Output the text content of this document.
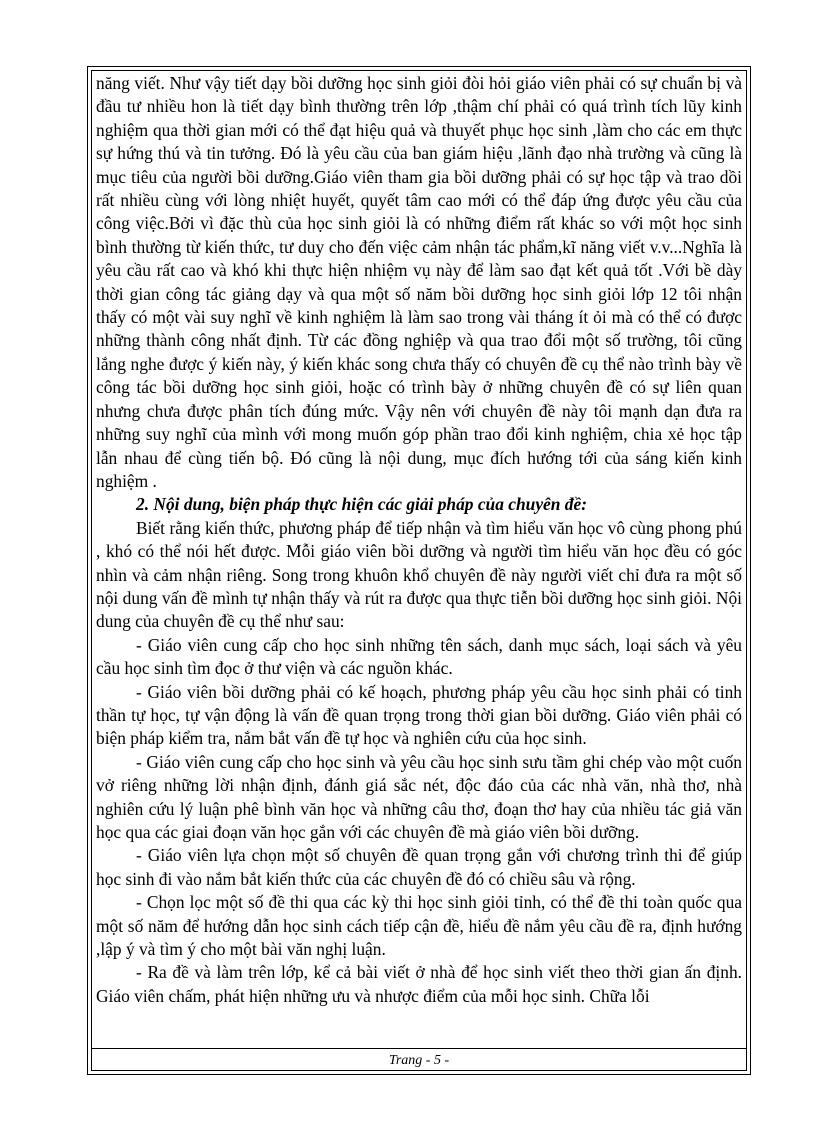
năng viết. Như vậy tiết dạy bồi dưỡng học sinh giỏi đòi hỏi giáo viên phải có sự chuẩn bị và đầu tư nhiều hon là tiết dạy bình thường trên lớp ,thậm chí phải có quá trình tích lũy kinh nghiệm qua thời gian mới có thể đạt hiệu quả và thuyết phục học sinh ,làm cho các em thực sự hứng thú và tin tưởng. Đó là yêu cầu của ban giám hiệu ,lãnh đạo nhà trường và cũng là mục tiêu của người bồi dưỡng.Giáo viên tham gia bồi dưỡng phải có sự học tập và trao dồi rất nhiều cùng với lòng nhiệt huyết, quyết tâm cao mới có thể đáp ứng được yêu cầu của công việc.Bởi vì đặc thù của học sinh giỏi là có những điểm rất khác so với một học sinh bình thường từ kiến thức, tư duy cho đến việc cảm nhận tác phẩm,kĩ năng viết v.v...Nghĩa là yêu cầu rất cao và khó khi thực hiện nhiệm vụ này để làm sao đạt kết quả tốt .Với bề dày thời gian công tác giảng dạy và qua một số năm bồi dưỡng học sinh giỏi lớp 12 tôi nhận thấy có một vài suy nghĩ về kinh nghiệm là làm sao trong vài tháng ít ỏi mà có thể có được những thành công nhất định. Từ các đồng nghiệp và qua trao đổi một số trường, tôi cũng lắng nghe được ý kiến này, ý kiến khác song chưa thấy có chuyên đề cụ thể nào trình bày về công tác bồi dưỡng học sinh giỏi, hoặc có trình bày ở những chuyên đề có sự liên quan nhưng chưa được phân tích đúng mức. Vậy nên với chuyên đề này tôi mạnh dạn đưa ra những suy nghĩ của mình với mong muốn góp phần trao đổi kinh nghiệm, chia xẻ học tập lẫn nhau để cùng tiến bộ. Đó cũng là nội dung, mục đích hướng tới của sáng kiến kinh nghiệm .

2. Nội dung, biện pháp thực hiện các giải pháp của chuyên đề:

Biết rằng kiến thức, phương pháp để tiếp nhận và tìm hiểu văn học vô cùng phong phú , khó có thể nói hết được. Mỗi giáo viên bồi dưỡng và người tìm hiểu văn học đều có góc nhìn và cảm nhận riêng. Song trong khuôn khổ chuyên đề này người viết chỉ đưa ra một số nội dung vấn đề mình tự nhận thấy và rút ra được qua thực tiễn bồi dưỡng học sinh giỏi. Nội dung của chuyên đề cụ thể như sau:

- Giáo viên cung cấp cho học sinh những tên sách, danh mục sách, loại sách và yêu cầu học sinh tìm đọc ở thư viện và các nguồn khác.

- Giáo viên bồi dưỡng phải có kế hoạch, phương pháp yêu cầu học sinh phải có tinh thần tự học, tự vận động là vấn đề quan trọng trong thời gian bồi dưỡng. Giáo viên phải có biện pháp kiểm tra, nắm bắt vấn đề tự học và nghiên cứu của học sinh.

- Giáo viên cung cấp cho học sinh và yêu cầu học sinh sưu tầm ghi chép vào một cuốn vở riêng những lời nhận định, đánh giá sắc nét, độc đáo của các nhà văn, nhà thơ, nhà nghiên cứu lý luận phê bình văn học và những câu thơ, đoạn thơ hay của nhiều tác giả văn học qua các giai đoạn văn học gắn với các chuyên đề mà giáo viên bồi dưỡng.

- Giáo viên lựa chọn một số chuyên đề quan trọng gắn với chương trình thi để giúp học sinh đi vào nắm bắt kiến thức của các chuyên đề đó có chiều sâu và rộng.

- Chọn lọc một số đề thi qua các kỳ thi học sinh giỏi tỉnh, có thể đề thi toàn quốc qua một số năm để hướng dẫn học sinh cách tiếp cận đề, hiểu đề nắm yêu cầu đề ra, định hướng ,lập ý và tìm ý cho một bài văn nghị luận.

- Ra đề và làm trên lớp, kể cả bài viết ở nhà để học sinh viết theo thời gian ấn định. Giáo viên chấm, phát hiện những ưu và nhược điểm của mỗi học sinh. Chữa lỗi

Trang - 5 -
